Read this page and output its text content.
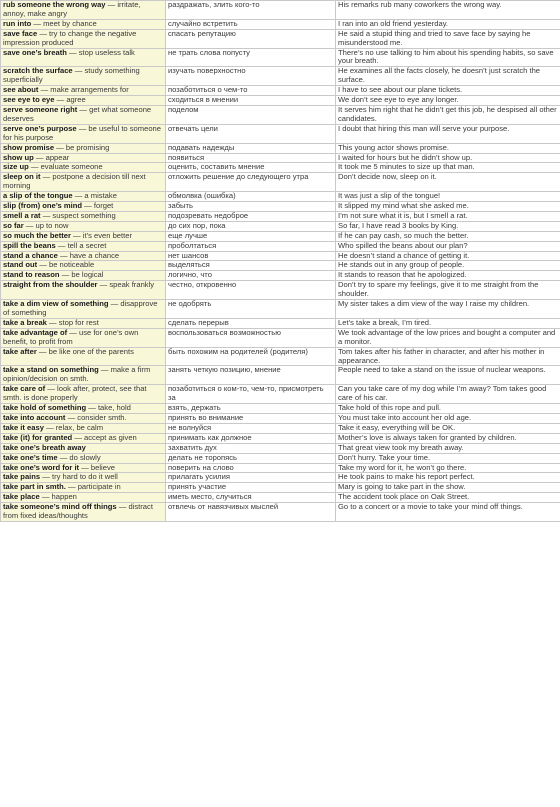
rub someone the wrong way — irritate, annoy, make angry	раздражать, злить кого-то	His remarks rub many coworkers the wrong way.
run into — meet by chance	случайно встретить	I ran into an old friend yesterday.
save face — try to change the negative impression produced	спасать репутацию	He said a stupid thing and tried to save face by saying he misunderstood me.
save one’s breath — stop useless talk	не трать слова попусту	There’s no use talking to him about his spending habits, so save your breath.
scratch the surface — study something superficially	изучать поверхностно	He examines all the facts closely, he doesn’t just scratch the surface.
see about — make arrangements for	позаботиться о чем-то	I have to see about our plane tickets.
see eye to eye — agree	сходиться в мнении	We don’t see eye to eye any longer.
serve someone right — get what someone deserves	поделом	It serves him right that he didn’t get this job, he despised all other candidates.
serve one’s purpose — be useful to someone for his purpose	отвечать цели	I doubt that hiring this man will serve your purpose.
show promise — be promising	подавать надежды	This young actor shows promise.
show up — appear	появиться	I waited for hours but he didn’t show up.
size up — evaluate someone	оценить, составить мнение	It took me 5 minutes to size up that man.
sleep on it — postpone a decision till next morning	отложить решение до следующего утра	Don’t decide now, sleep on it.
a slip of the tongue — a mistake	обмолвка (ошибка)	It was just a slip of the tongue!
slip (from) one’s mind — forget	забыть	It slipped my mind what she asked me.
smell a rat — suspect something	подозревать недоброе	I’m not sure what it is, but I smell a rat.
so far — up to now	до сих пор, пока	So far, I have read 3 books by King.
so much the better — it’s even better	еще лучше	If he can pay cash, so much the better.
spill the beans — tell a secret	проболтаться	Who spilled the beans about our plan?
stand a chance — have a chance	нет шансов	He doesn’t stand a chance of getting it.
stand out — be noticeable	выделяться	He stands out in any group of people.
stand to reason — be logical	логично, что	It stands to reason that he apologized.
straight from the shoulder — speak frankly	честно, откровенно	Don’t try to spare my feelings, give it to me straight from the shoulder.
take a dim view of something — disapprove of something	не одобрять	My sister takes a dim view of the way I raise my children.
take a break — stop for rest	сделать перерыв	Let’s take a break, I’m tired.
take advantage of — use for one’s own benefit, to profit from	воспользоваться возможностью	We took advantage of the low prices and bought a computer and a monitor.
take after — be like one of the parents	быть похожим на родителей (родителя)	Tom takes after his father in character, and after his mother in appearance.
take a stand on something — make a firm opinion/decision on smth.	занять четкую позицию, мнение	People need to take a stand on the issue of nuclear weapons.
take care of — look after, protect, see that smth. is done properly	позаботиться о ком-то, чем-то, присмотреть за	Can you take care of my dog while I’m away? Tom takes good care of his car.
take hold of something — take, hold	взять, держать	Take hold of this rope and pull.
take into account — consider smth.	принять во внимание	You must take into account her old age.
take it easy — relax, be calm	не волнуйся	Take it easy, everything will be OK.
take (it) for granted — accept as given	принимать как должное	Mother’s love is always taken for granted by children.
take one’s breath away	захватить дух	That great view took my breath away.
take one’s time — do slowly	делать не торопясь	Don’t hurry. Take your time.
take one’s word for it — believe	поверить на слово	Take my word for it, he won’t go there.
take pains — try hard to do it well	прилагать усилия	He took pains to make his report perfect.
take part in smth. — participate in	принять участие	Mary is going to take part in the show.
take place — happen	иметь место, случиться	The accident took place on Oak Street.
take someone’s mind off things — distract from fixed ideas/thoughts	отвлечь от навязчивых мыслей	Go to a concert or a movie to take your mind off things.
